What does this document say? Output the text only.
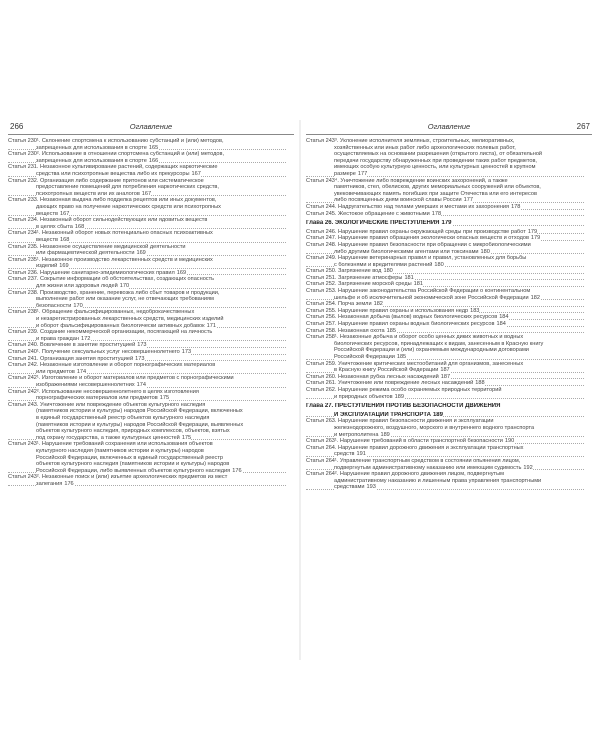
266	Оглавление
Статья 230¹. Склонение спортсмена к использованию субстанций и (или) методов,
запрещенных для использования в спорте 165
Статья 230². Использование в отношении спортсмена субстанций и (или) методов,
запрещенных для использования в спорте 166
Статья 231. Незаконное культивирование растений, содержащих наркотические
средства или психотропные вещества либо их прекурсоры 167
Статья 232. Организация либо содержание притонов или систематическое
предоставление помещений для потребления наркотических средств,
психотропных веществ или их аналогов 167
Статья 233. Незаконная выдача либо подделка рецептов или иных документов,
дающих право на получение наркотических средств или психотропных
веществ 167
Статья 234. Незаконный оборот сильнодействующих или ядовитых веществ
в целях сбыта 168
Статья 234¹. Незаконный оборот новых потенциально опасных психоактивных
веществ 168
Статья 235. Незаконное осуществление медицинской деятельности
или фармацевтической деятельности 169
Статья 235¹. Незаконное производство лекарственных средств и медицинских
изделий 169
Статья 236. Нарушение санитарно-эпидемиологических правил 169
Статья 237. Сокрытие информации об обстоятельствах, создающих опасность
для жизни или здоровья людей 170
Статья 238. Производство, хранение, перевозка либо сбыт товаров и продукции,
выполнение работ или оказание услуг, не отвечающих требованиям
безопасности 170
Статья 238¹. Обращение фальсифицированных, недоброкачественных
и незарегистрированных лекарственных средств, медицинских изделий
и оборот фальсифицированных биологически активных добавок 171
Статья 239. Создание некоммерческой организации, посягающей на личность
и права граждан 172
Статья 240. Вовлечение в занятие проституцией 173
Статья 240¹. Получение сексуальных услуг несовершеннолетнего 173
Статья 241. Организация занятия проституцией 173
Статья 242. Незаконные изготовление и оборот порнографических материалов
или предметов 174
Статья 242¹. Изготовление и оборот материалов или предметов с порнографическими
изображениями несовершеннолетних 174
Статья 242². Использование несовершеннолетнего в целях изготовления
порнографических материалов или предметов 175
Статья 243. Уничтожение или повреждение объектов культурного наследия
(памятников истории и культуры) народов Российской Федерации, включенных
в единый государственный реестр объектов культурного наследия
(памятников истории и культуры) народов Российской Федерации, выявленных
объектов культурного наследия, природных комплексов, объектов, взятых
под охрану государства, а также культурных ценностей 175
Статья 243¹. Нарушение требований сохранения или использования объектов
культурного наследия (памятников истории и культуры) народов
Российской Федерации, включенных в единый государственный реестр
объектов культурного наследия (памятников истории и культуры) народов
Российской Федерации, либо выявленных объектов культурного наследия 176
Статья 243². Незаконные поиск и (или) изъятие археологических предметов из мест
залегания 176
Оглавление	267
Статья 243³. Уклонение исполнителя земляных, строительных, мелиоративных,
хозяйственных или иных работ либо археологических полевых работ,
осуществляемых на основании разрешения (открытого листа), от обязательной
передачи государству обнаруженных при проведении таких работ предметов,
имеющих особую культурную ценность, или культурных ценностей в крупном
размере 177
Статья 243⁴. Уничтожение либо повреждение воинских захоронений, а также
памятников, стел, обелисков, других мемориальных сооружений или объектов,
увековечивающих память погибших при защите Отечества или его интересов
либо посвященных дням воинской славы России 177
Статья 244. Надругательство над телами умерших и местами их захоронения 178
Статья 245. Жестокое обращение с животными 178
Глава 26. ЭКОЛОГИЧЕСКИЕ ПРЕСТУПЛЕНИЯ 179
Статья 246. Нарушение правил охраны окружающей среды при производстве работ 179
Статья 247. Нарушение правил обращения экологически опасных веществ и отходов 179
Статья 248. Нарушение правил безопасности при обращении с микробиологическими
либо другими биологическими агентами или токсинами 180
Статья 249. Нарушение ветеринарных правил и правил, установленных для борьбы
с болезнями и вредителями растений 180
Статья 250. Загрязнение вод 180
Статья 251. Загрязнение атмосферы 181
Статья 252. Загрязнение морской среды 181
Статья 253. Нарушение законодательства Российской Федерации о континентальном
шельфе и об исключительной экономической зоне Российской Федерации 182
Статья 254. Порча земли 182
Статья 255. Нарушение правил охраны и использования недр 183
Статья 256. Незаконная добыча (вылов) водных биологических ресурсов 184
Статья 257. Нарушение правил охраны водных биологических ресурсов 184
Статья 258. Незаконная охота 185
Статья 258¹. Незаконные добыча и оборот особо ценных диких животных и водных
биологических ресурсов, принадлежащих к видам, занесенным в Красную книгу
Российской Федерации и (или) охраняемым международными договорами
Российской Федерации 185
Статья 259. Уничтожение критических местообитаний для организмов, занесенных
в Красную книгу Российской Федерации 187
Статья 260. Незаконная рубка лесных насаждений 187
Статья 261. Уничтожение или повреждение лесных насаждений 188
Статья 262. Нарушение режима особо охраняемых природных территорий
и природных объектов 189
Глава 27. ПРЕСТУПЛЕНИЯ ПРОТИВ БЕЗОПАСНОСТИ ДВИЖЕНИЯ
И ЭКСПЛУАТАЦИИ ТРАНСПОРТА 189
Статья 263. Нарушение правил безопасности движения и эксплуатации
железнодорожного, воздушного, морского и внутреннего водного транспорта
и метрополитена 189
Статья 263¹. Нарушение требований в области транспортной безопасности 190
Статья 264. Нарушение правил дорожного движения и эксплуатации транспортных
средств 191
Статья 264¹. Управление транспортным средством в состоянии опьянения лицом,
подвергнутым административному наказанию или имеющим судимость 192
Статья 264². Нарушение правил дорожного движения лицом, подвергнутым
административному наказанию и лишенным права управления транспортными
средствами 193
